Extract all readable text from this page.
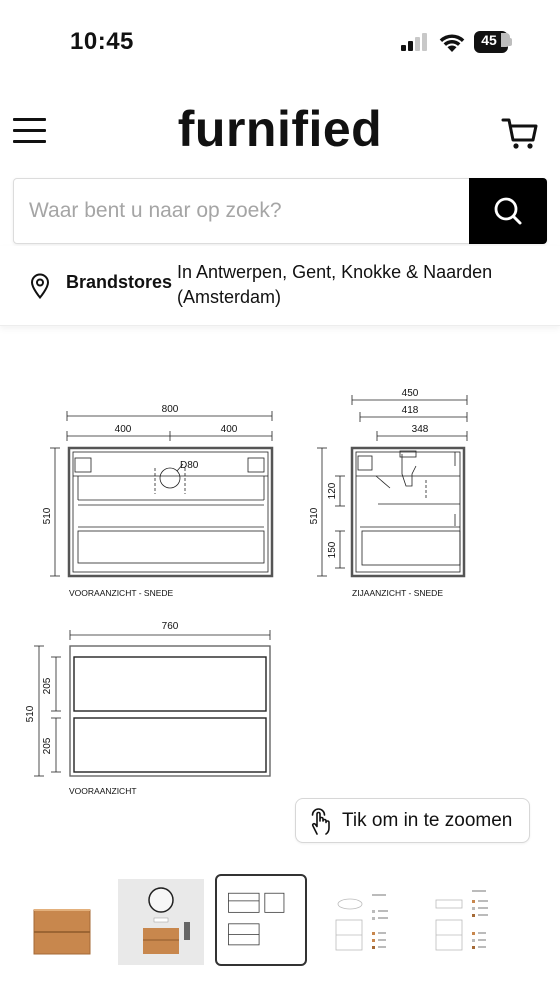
10:45	45
furnified
Waar bent u naar op zoek?
Brandstores In Antwerpen, Gent, Knokke & Naarden (Amsterdam)
800
400	400
510
D80
VOORAANZICHT - SNEDE
450
418
348
510
120
150
ZIJAANZICHT - SNEDE
760
510
205
205
VOORAANZICHT
Tik om in te zoomen
